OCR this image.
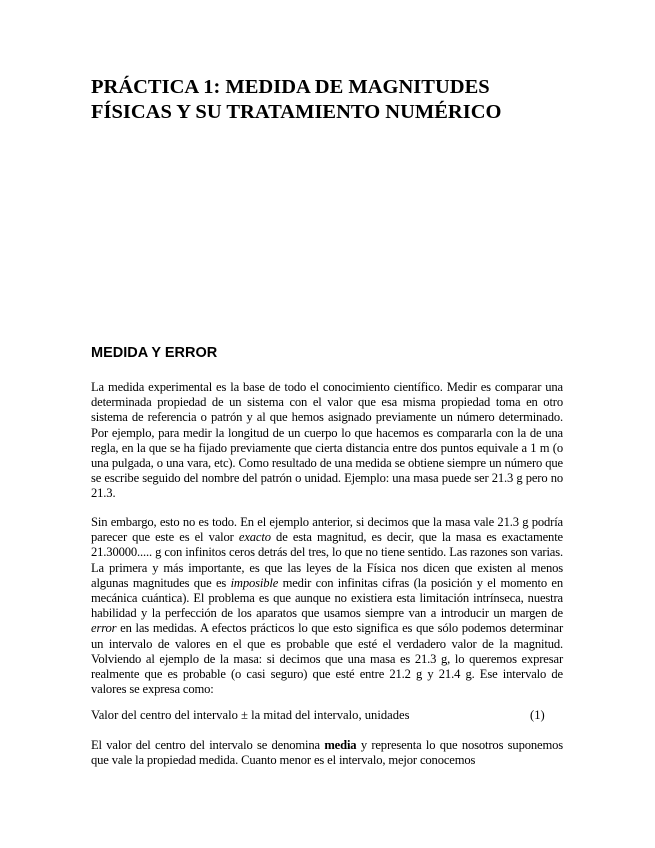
PRÁCTICA 1: MEDIDA DE MAGNITUDES
FÍSICAS Y SU TRATAMIENTO NUMÉRICO
MEDIDA Y ERROR

La medida experimental es la base de todo el conocimiento científico. Medir es comparar una determinada propiedad de un sistema con el valor que esa misma propiedad toma en otro sistema de referencia o patrón y al que hemos asignado previamente un número determinado. Por ejemplo, para medir la longitud de un cuerpo lo que hacemos es compararla con la de una regla, en la que se ha fijado previamente que cierta distancia entre dos puntos equivale a 1 m (o una pulgada, o una vara, etc). Como resultado de una medida se obtiene siempre un número que se escribe seguido del nombre del patrón o unidad. Ejemplo: una masa puede ser 21.3 g pero no 21.3.

Sin embargo, esto no es todo. En el ejemplo anterior, si decimos que la masa vale 21.3 g podría parecer que este es el valor exacto de esta magnitud, es decir, que la masa es exactamente 21.30000..... g con infinitos ceros detrás del tres, lo que no tiene sentido. Las razones son varias. La primera y más importante, es que las leyes de la Física nos dicen que existen al menos algunas magnitudes que es imposible medir con infinitas cifras (la posición y el momento en mecánica cuántica). El problema es que aunque no existiera esta limitación intrínseca, nuestra habilidad y la perfección de los aparatos que usamos siempre van a introducir un margen de error en las medidas. A efectos prácticos lo que esto significa es que sólo podemos determinar un intervalo de valores en el que es probable que esté el verdadero valor de la magnitud. Volviendo al ejemplo de la masa: si decimos que una masa es 21.3 g, lo queremos expresar realmente que es probable (o casi seguro) que esté entre 21.2 g y 21.4 g. Ese intervalo de valores se expresa como:

Valor del centro del intervalo ± la mitad del intervalo, unidades	(1)

El valor del centro del intervalo se denomina media y representa lo que nosotros suponemos que vale la propiedad medida. Cuanto menor es el intervalo, mejor conocemos
